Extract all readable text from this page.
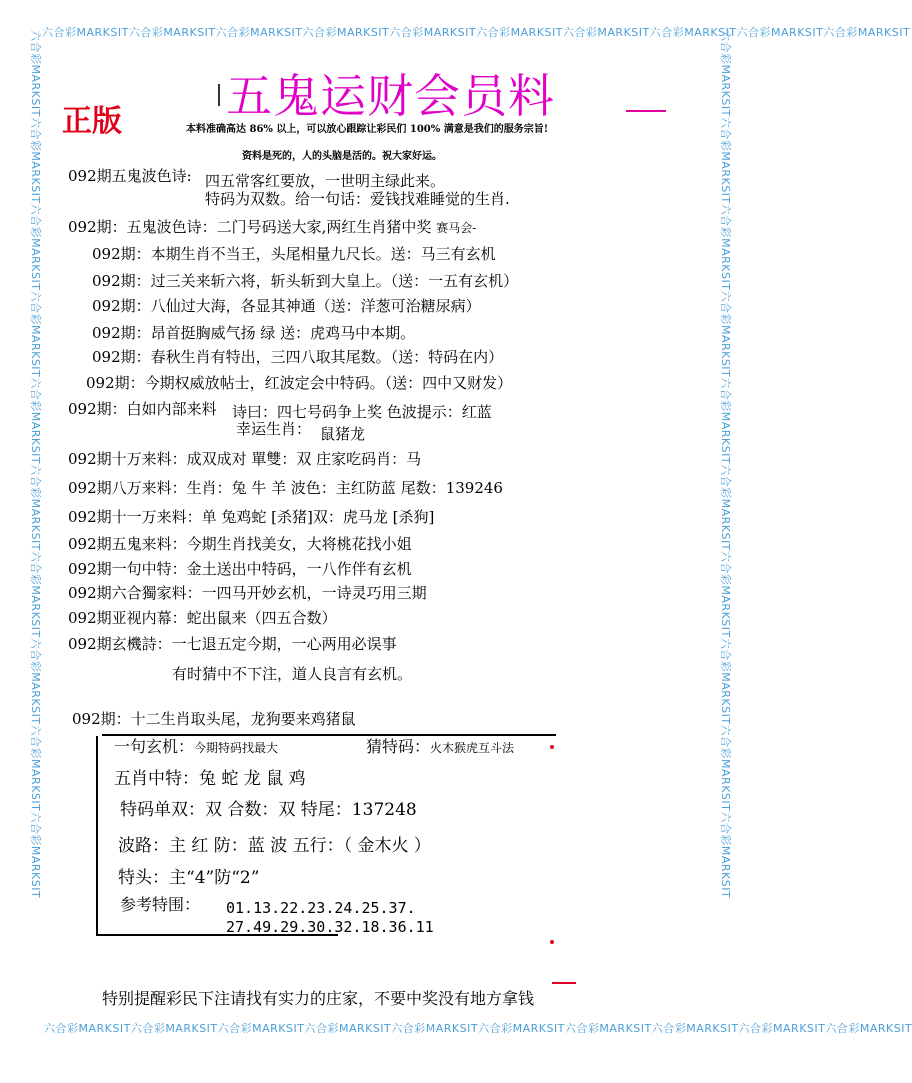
六合彩MARKSIT六合彩MARKSIT六合彩MARKSIT六合彩MARKSIT六合彩MARKSIT六合彩MARKSIT六合彩MARKSIT六合彩MARKSIT六合彩MARKSIT六合彩MARKSIT
六合彩MARKSIT六合彩MARKSIT六合彩MARKSIT六合彩MARKSIT六合彩MARKSIT六合彩MARKSIT六合彩MARKSIT六合彩MARKSIT六合彩MARKSIT六合彩MARKSIT
六合彩MARKSIT六合彩MARKSIT六合彩MARKSIT六合彩MARKSIT六合彩MARKSIT六合彩MARKSIT六合彩MARKSIT六合彩MARKSIT六合彩MARKSIT六合彩MARKSIT	六合彩MARKSIT六合彩MARKSIT六合彩MARKSIT六合彩MARKSIT六合彩MARKSIT六合彩MARKSIT六合彩MARKSIT六合彩MARKSIT六合彩MARKSIT六合彩MARKSIT
五鬼运财会员料
正版	本料准确高达 86% 以上，可以放心跟踪让彩民们 100% 满意是我们的服务宗旨!
资料是死的，人的头脑是活的。祝大家好运。
092期五鬼波色诗: 四五常客红要放，一世明主绿此来。
特码为双数。给一句话：爱钱找难睡觉的生肖.
092期：五鬼波色诗：二门号码送大家,两红生肖猪中奖 赛马会-
092期：本期生肖不当王，头尾相量九尺长。送：马三有玄机
092期：过三关来斩六将，斩头斩到大皇上。（送：一五有玄机）
092期：八仙过大海，各显其神通（送：洋葱可治糖尿病）
092期：昂首挺胸威气扬 绿 送：虎鸡马中本期。
092期：春秋生肖有特出，三四八取其尾数。（送：特码在内）
092期：今期权威放帖士，红波定会中特码。（送：四中又财发）
092期：白如内部来料 诗曰：四七号码争上奖 色波提示：红蓝
幸运生肖： 鼠猪龙
092期十万来料：成双成对 單雙：双 庄家吃码肖：马
092期八万来料：生肖：兔 牛 羊 波色：主红防蓝 尾数：139246
092期十一万来料：单 兔鸡蛇 [杀猪]双：虎马龙 [杀狗]
092期五鬼来料：今期生肖找美女，大将桃花找小姐
092期一句中特：金土送出中特码，一八作伴有玄机
092期六合獨家料：一四马开妙玄机，一诗灵巧用三期
092期亚视内幕：蛇出鼠来（四五合数）
092期玄機詩：一七退五定今期，一心两用必误事
有时猜中不下注，道人良言有玄机。
092期：十二生肖取头尾，龙狗要来鸡猪鼠
一句玄机：今期特码找最大	猜特码：火木猴虎互斗法
五肖中特：兔 蛇 龙 鼠 鸡
特码单双：双 合数：双 特尾：137248
波路：主 红 防：蓝 波 五行：（ 金木火 ）
特头：主“4”防“2”
参考特围： 01.13.22.23.24.25.37.
27.49.29.30.32.18.36.11
特别提醒彩民下注请找有实力的庄家，不要中奖没有地方拿钱
